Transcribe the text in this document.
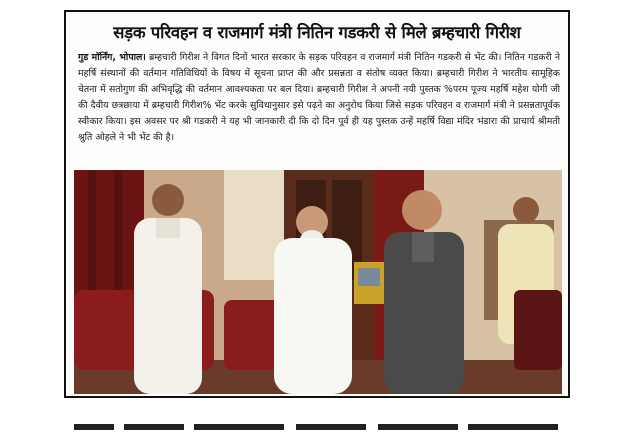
सड़क परिवहन व राजमार्ग मंत्री नितिन गडकरी से मिले ब्रम्हचारी गिरीश

गुड मॉर्निंग, भोपाल। ब्रम्हचारी गिरीश ने विगत दिनों भारत सरकार के सड़क परिवहन व राजमार्ग मंत्री नितिन गडकरी से भेंट की। नितिन गडकरी ने महर्षि संस्थानों की वर्तमान गतिविधियों के विषय में सूचना प्राप्त की और प्रसन्नता व संतोष व्यक्त किया। ब्रम्हचारी गिरीश ने भारतीय सामूहिक चेतना में सतोगुण की अभिवृद्धि की वर्तमान आवश्यकता पर बल दिया। ब्रम्हचारी गिरीश ने अपनी नयी पुस्तक %परम पूज्य महर्षि महेश योगी जी की दैवीय छत्रछाया में ब्रम्हचारी गिरीश% भेंट करके सुविधानुसार इसे पढ़ने का अनुरोध किया जिसे सड़क परिवहन व राजमार्ग मंत्री ने प्रसन्नतापूर्वक स्वीकार किया। इस अवसर पर श्री गडकरी ने यह भी जानकारी दी कि दो दिन पूर्व ही यह पुस्तक उन्हें महर्षि विद्या मंदिर भंडारा की प्राचार्य श्रीमती श्रुति ओहले ने भी भेंट की है।
